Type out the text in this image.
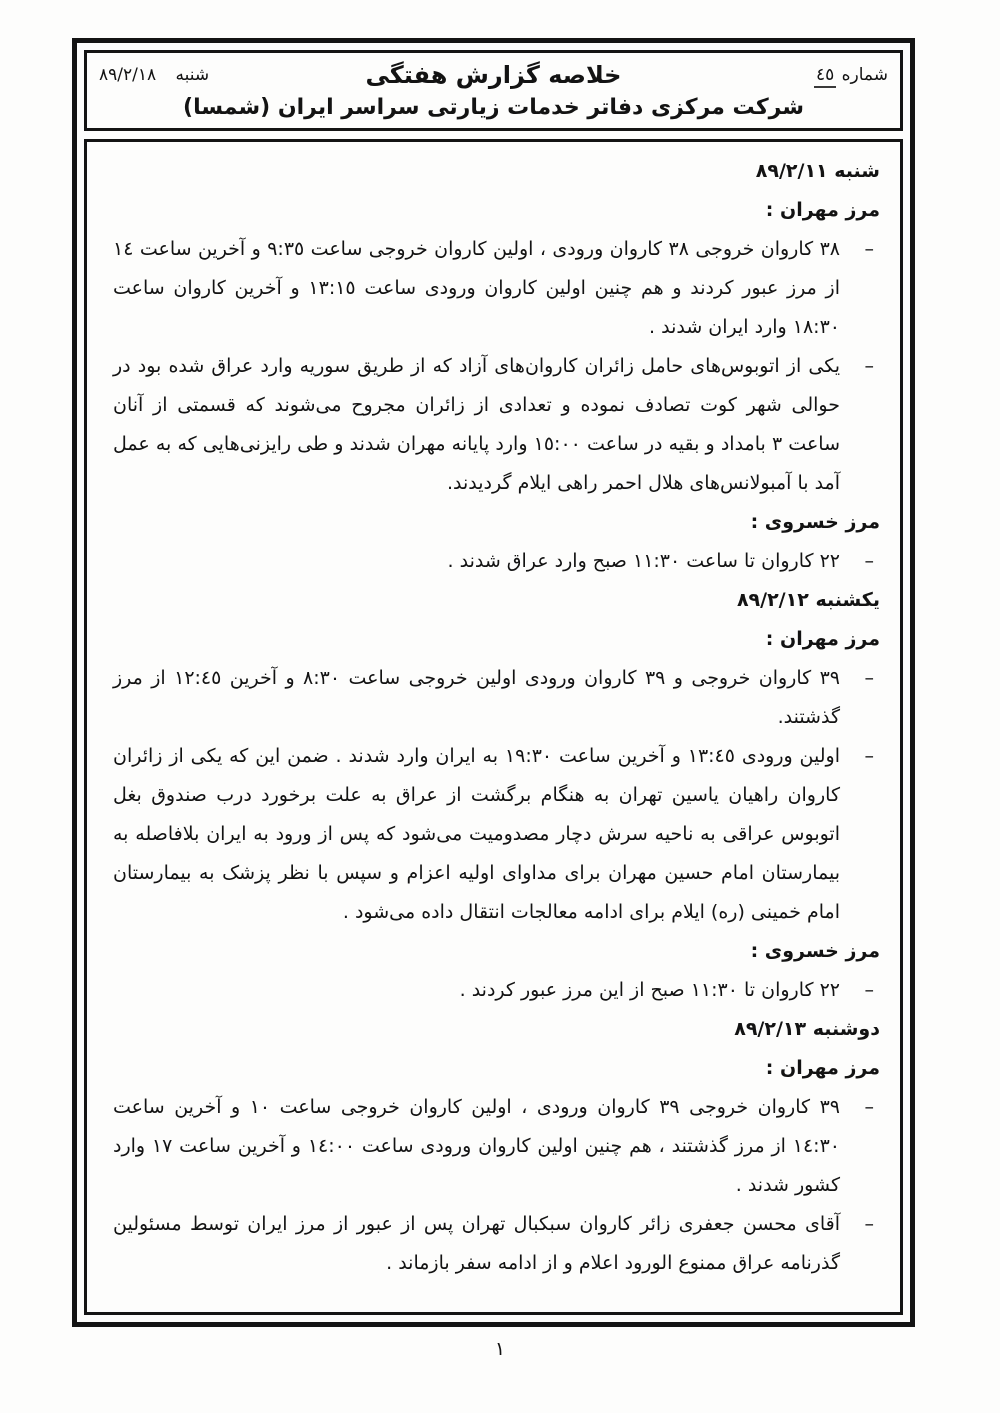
شماره ٤٥
خلاصه گزارش هفتگی
شنبه ٨٩/٢/١٨
شرکت مرکزی دفاتر خدمات زیارتی سراسر ایران (شمسا)
شنبه ٨٩/٢/١١
مرز مهران :
–
٣٨ کاروان خروجی ٣٨ کاروان ورودی ، اولین کاروان خروجی ساعت ٩:٣٥ و آخرین ساعت ١٤ از مرز عبور کردند و هم چنین اولین کاروان ورودی ساعت ١٣:١٥ و آخرین کاروان ساعت ١٨:٣٠ وارد ایران شدند .
–
یکی از اتوبوس‌های حامل زائران کاروان‌های آزاد که از طریق سوریه وارد عراق شده بود در حوالی شهر کوت تصادف نموده و تعدادی از زائران مجروح می‌شوند که قسمتی از آنان ساعت ٣ بامداد و بقیه در ساعت ١٥:٠٠ وارد پایانه مهران شدند و طی رایزنی‌هایی که به عمل آمد با آمبولانس‌های هلال احمر راهی ایلام گردیدند.
مرز خسروی :
–
٢٢ کاروان تا ساعت ١١:٣٠ صبح وارد عراق شدند .
یکشنبه ٨٩/٢/١٢
مرز مهران :
–
٣٩ کاروان خروجی و ٣٩ کاروان ورودی اولین خروجی ساعت ٨:٣٠ و آخرین ١٢:٤٥ از مرز گذشتند.
–
اولین ورودی ١٣:٤٥ و آخرین ساعت ١٩:٣٠ به ایران وارد شدند . ضمن این که یکی از زائران کاروان راهیان یاسین تهران به هنگام برگشت از عراق به علت برخورد درب صندوق بغل اتوبوس عراقی به ناحیه سرش دچار مصدومیت می‌شود که پس از ورود به ایران بلافاصله به بیمارستان امام حسین مهران برای مداوای اولیه اعزام و سپس با نظر پزشک به بیمارستان امام خمینی (ره) ایلام برای ادامه معالجات انتقال داده می‌شود .
مرز خسروی :
–
٢٢ کاروان تا ١١:٣٠ صبح از این مرز عبور کردند .
دوشنبه ٨٩/٢/١٣
مرز مهران :
–
٣٩ کاروان خروجی ٣٩ کاروان ورودی ، اولین کاروان خروجی ساعت ١٠ و آخرین ساعت ١٤:٣٠ از مرز گذشتند ، هم چنین اولین کاروان ورودی ساعت ١٤:٠٠ و آخرین ساعت ١٧ وارد کشور شدند .
–
آقای محسن جعفری زائر کاروان سبکبال تهران پس از عبور از مرز ایران توسط مسئولین گذرنامه عراق ممنوع الورود اعلام و از ادامه سفر بازماند .
١
